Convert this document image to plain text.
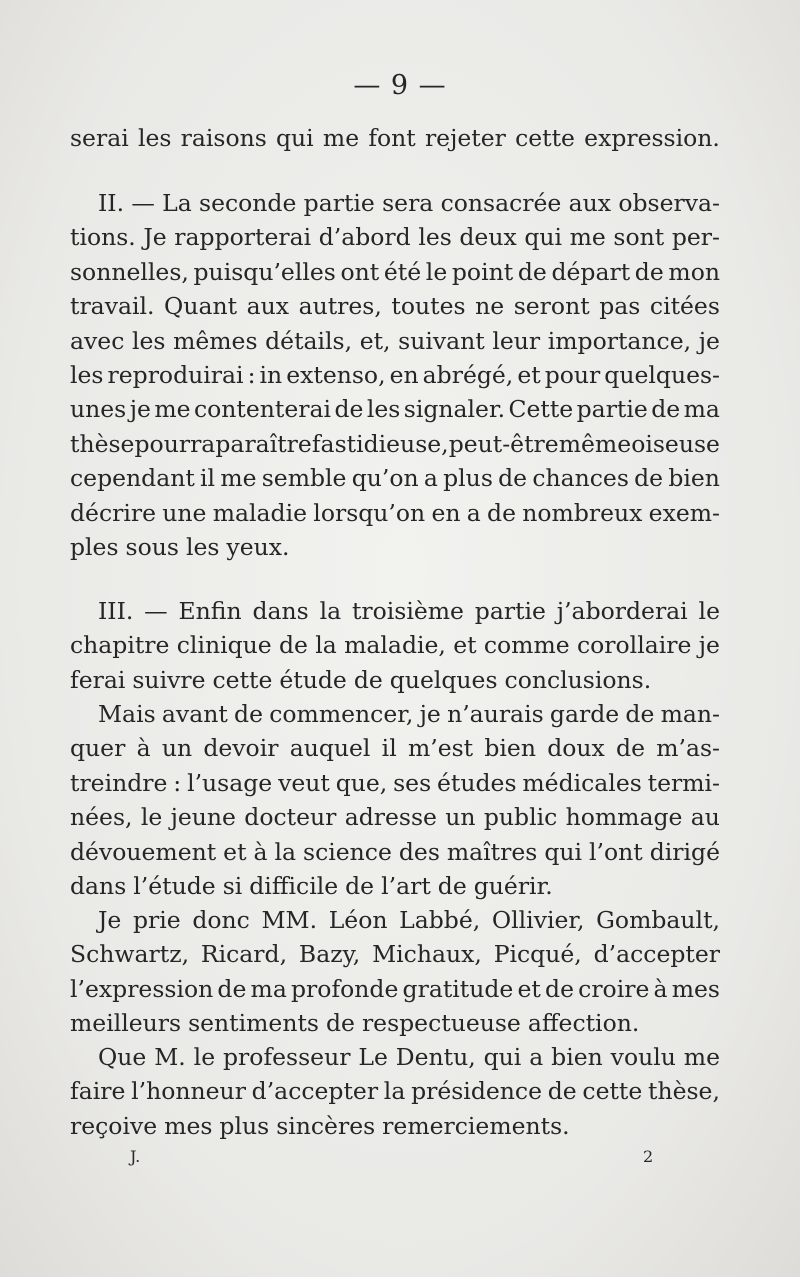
— 9 —
serai les raisons qui me font rejeter cette expression.
II. — La seconde partie sera consacrée aux observa-
tions. Je rapporterai d’abord les deux qui me sont per-
sonnelles, puisqu’elles ont été le point de départ de mon
travail. Quant aux autres, toutes ne seront pas citées
avec les mêmes détails, et, suivant leur importance, je
les reproduirai : in extenso, en abrégé, et pour quelques-
unes je me contenterai de les signaler. Cette partie de ma
thèse pourra paraître fastidieuse, peut-être même oiseuse
cependant il me semble qu’on a plus de chances de bien
décrire une maladie lorsqu’on en a de nombreux exem-
ples sous les yeux.
III. — Enfin dans la troisième partie j’aborderai le
chapitre clinique de la maladie, et comme corollaire je
ferai suivre cette étude de quelques conclusions.
Mais avant de commencer, je n’aurais garde de man-
quer à un devoir auquel il m’est bien doux de m’as-
treindre : l’usage veut que, ses études médicales termi-
nées, le jeune docteur adresse un public hommage au
dévouement et à la science des maîtres qui l’ont dirigé
dans l’étude si difficile de l’art de guérir.
Je prie donc MM. Léon Labbé, Ollivier, Gombault,
Schwartz, Ricard, Bazy, Michaux, Picqué, d’accepter
l’expression de ma profonde gratitude et de croire à mes
meilleurs sentiments de respectueuse affection.
Que M. le professeur Le Dentu, qui a bien voulu me
faire l’honneur d’accepter la présidence de cette thèse,
reçoive mes plus sincères remerciements.
J.	2
